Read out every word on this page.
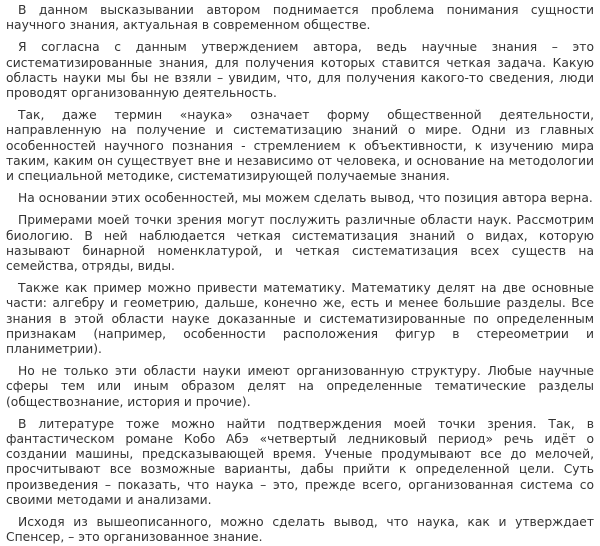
В данном высказывании автором поднимается проблема понимания сущности научного знания, актуальная в современном обществе.

Я согласна с данным утверждением автора, ведь научные знания – это систематизированные знания, для получения которых ставится четкая задача. Какую область науки мы бы не взяли – увидим, что, для получения какого-то сведения, люди проводят организованную деятельность.

Так, даже термин «наука» означает форму общественной деятельности, направленную на получение и систематизацию знаний о мире. Одни из главных особенностей научного познания - стремлением к объективности, к изучению мира таким, каким он существует вне и независимо от человека, и основание на методологии и специальной методике, систематизирующей получаемые знания.

На основании этих особенностей, мы можем сделать вывод, что позиция автора верна.

Примерами моей точки зрения могут послужить различные области наук. Рассмотрим биологию. В ней наблюдается четкая систематизация знаний о видах, которую называют бинарной номенклатурой, и четкая систематизация всех существ на семейства, отряды, виды.

Также как пример можно привести математику. Математику делят на две основные части: алгебру и геометрию, дальше, конечно же, есть и менее большие разделы. Все знания в этой области науке доказанные и систематизированные по определенным признакам (например, особенности расположения фигур в стереометрии и планиметрии).

Но не только эти области науки имеют организованную структуру. Любые научные сферы тем или иным образом делят на определенные тематические разделы (обществознание, история и прочие).

В литературе тоже можно найти подтверждения моей точки зрения. Так, в фантастическом романе Кобо Абэ «четвертый ледниковый период» речь идёт о создании машины, предсказывающей время. Ученые продумывают все до мелочей, просчитывают все возможные варианты, дабы прийти к определенной цели. Суть произведения – показать, что наука – это, прежде всего, организованная система со своими методами и анализами.

Исходя из вышеописанного, можно сделать вывод, что наука, как и утверждает Спенсер, – это организованное знание.
